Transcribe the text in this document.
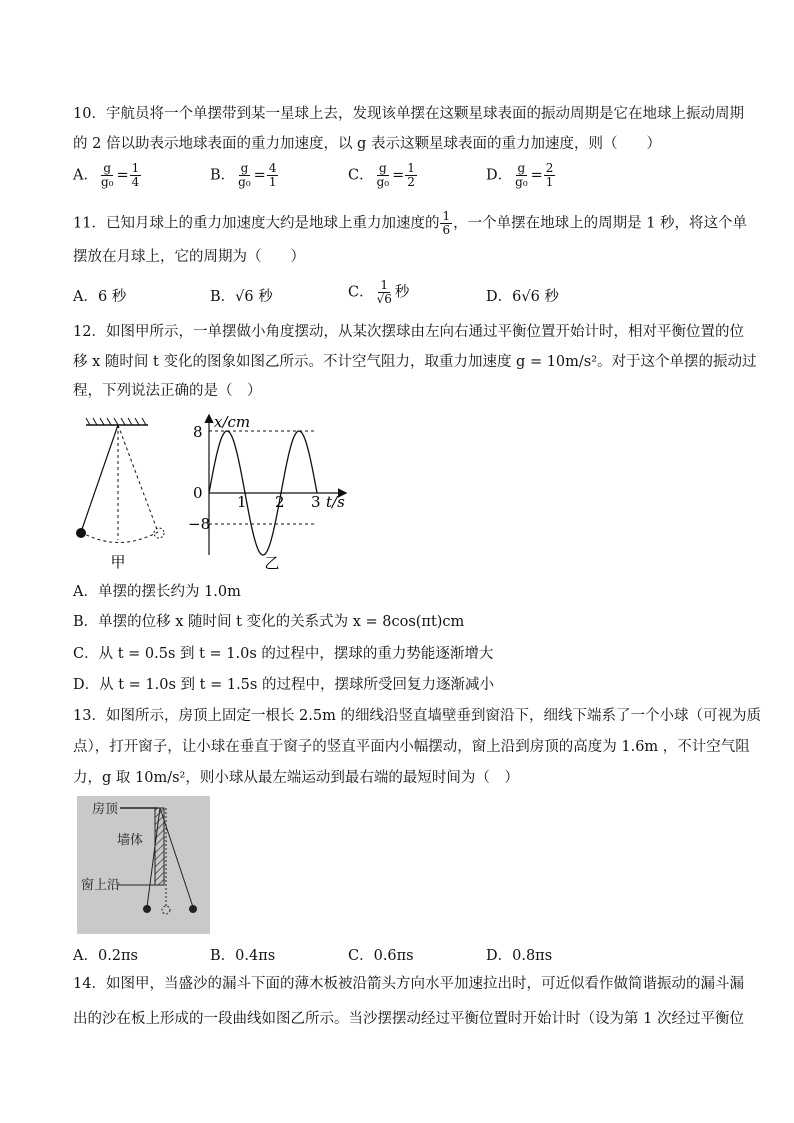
10．宇航员将一个单摆带到某一星球上去，发现该单摆在这颗星球表面的振动周期是它在地球上振动周期
的 2 倍以助表示地球表面的重力加速度，以 g 表示这颗星球表面的重力加速度，则（　　）
A． $\frac{g}{\text{g₀}} = \frac{1}{4}$	B． $\frac{g}{\text{g₀}} = \frac{4}{1}$	C． $\frac{g}{\text{g₀}} = \frac{1}{2}$	D． $\frac{g}{\text{g₀}} = \frac{2}{1}$
11．已知月球上的重力加速度大约是地球上重力加速度的 $\frac{1}{6}$ ，一个单摆在地球上的周期是 1 秒，将这个单
摆放在月球上，它的周期为（　　）
A．6 秒	B．√6 秒	C． $\frac{1}{√6}$ 秒	D．6√6 秒
12．如图甲所示，一单摆做小角度摆动，从某次摆球由左向右通过平衡位置开始计时，相对平衡位置的位
移 x 随时间 t 变化的图象如图乙所示。不计空气阻力，取重力加速度 g = 10m/s²。对于这个单摆的振动过
程，下列说法正确的是（　）
甲
x/cm
t/s
8
−8
0 1 2 3
乙
A．单摆的摆长约为 1.0m
B．单摆的位移 x 随时间 t 变化的关系式为 x = 8cos(πt)cm
C．从 t = 0.5s 到 t = 1.0s 的过程中，摆球的重力势能逐渐增大
D．从 t = 1.0s 到 t = 1.5s 的过程中，摆球所受回复力逐渐减小
13．如图所示，房顶上固定一根长 2.5m 的细线沿竖直墙壁垂到窗沿下，细线下端系了一个小球（可视为质
点），打开窗子，让小球在垂直于窗子的竖直平面内小幅摆动，窗上沿到房顶的高度为 1.6m ，不计空气阻
力，g 取 10m/s²，则小球从最左端运动到最右端的最短时间为（　）
房顶
墙体
窗上沿
A．0.2πs	B．0.4πs	C．0.6πs	D．0.8πs
14．如图甲，当盛沙的漏斗下面的薄木板被沿箭头方向水平加速拉出时，可近似看作做简谐振动的漏斗漏
出的沙在板上形成的一段曲线如图乙所示。当沙摆摆动经过平衡位置时开始计时（设为第 1 次经过平衡位
